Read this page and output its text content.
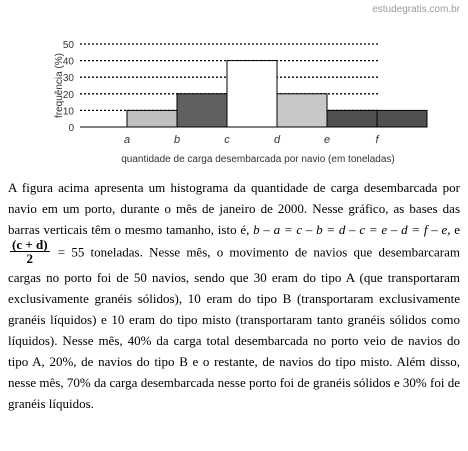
estudegratis.com.br
0
10
20
30
40
50
a	b	c	d	e	f
frequência (%)
quantidade de carga desembarcada por navio (em toneladas)

A figura acima apresenta um histograma da quantidade de carga desembarcada por navio em um porto, durante o mês de janeiro de 2000. Nesse gráfico, as bases das barras verticais têm o mesmo tamanho, isto é, b – a = c – b = d – c = e – d = f – e, e
$\frac{(c + d)}{2} = 55$ toneladas. Nesse mês, o movimento de navios que desembarcaram cargas no porto foi de 50 navios, sendo que 30 eram do tipo A (que transportaram exclusivamente granéis sólidos), 10 eram do tipo B (transportaram exclusivamente granéis líquidos) e 10 eram do tipo misto (transportaram tanto granéis sólidos como líquidos). Nesse mês, 40% da carga total desembarcada no porto veio de navios do tipo A, 20%, de navios do tipo B e o restante, de navios do tipo misto. Além disso, nesse mês, 70% da carga desembarcada nesse porto foi de granéis sólidos e 30% foi de granéis líquidos.
